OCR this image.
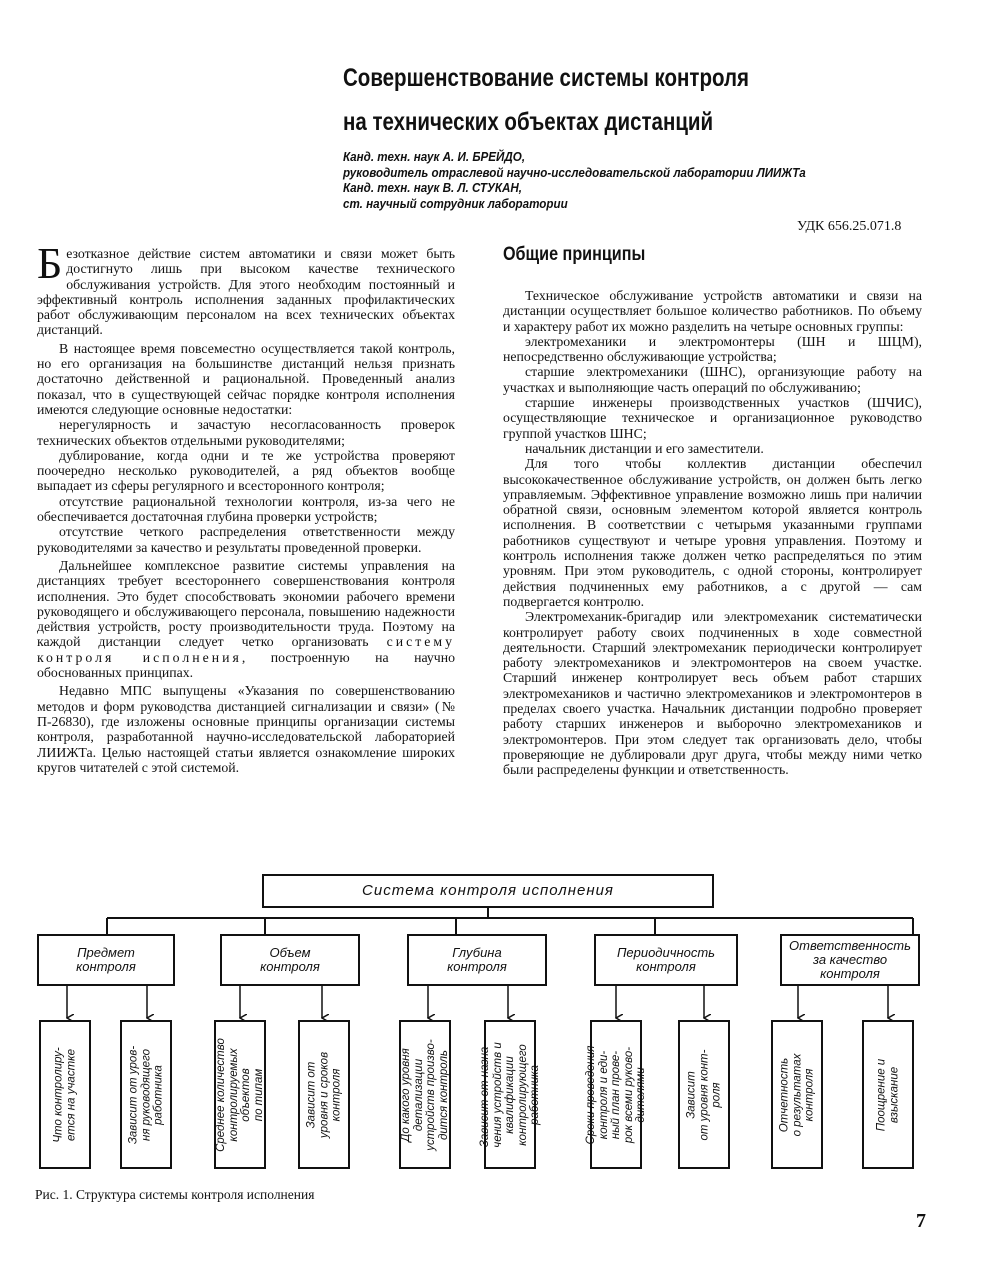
Совершенствование системы контроля
на технических объектах дистанций
Канд. техн. наук А. И. БРЕЙДО,
руководитель отраслевой научно-исследовательской лаборатории ЛИИЖТа
Канд. техн. наук В. Л. СТУКАН,
ст. научный сотрудник лаборатории
УДК 656.25.071.8

Безотказное действие систем автоматики и связи может быть достигнуто лишь при высоком качестве технического обслуживания устройств. Для этого необходим постоянный и эффективный контроль исполнения заданных профилактических работ обслуживающим персоналом на всех технических объектах дистанций.

В настоящее время повсеместно осуществляется такой контроль, но его организация на большинстве дистанций нельзя признать достаточно действенной и рациональной. Проведенный анализ показал, что в существующей сейчас порядке контроля исполнения имеются следующие основные недостатки:

нерегулярность и зачастую несогласованность проверок технических объектов отдельными руководителями;

дублирование, когда одни и те же устройства проверяют поочередно несколько руководителей, а ряд объектов вообще выпадает из сферы регулярного и всесторонного контроля;

отсутствие рациональной технологии контроля, из-за чего не обеспечивается достаточная глубина проверки устройств;

отсутствие четкого распределения ответственности между руководителями за качество и результаты проведенной проверки.

Дальнейшее комплексное развитие системы управления на дистанциях требует всестороннего совершенствования контроля исполнения. Это будет способствовать экономии рабочего времени руководящего и обслуживающего персонала, повышению надежности действия устройств, росту производительности труда. Поэтому на каждой дистанции следует четко организовать систему контроля исполнения, построенную на научно обоснованных принципах.

Недавно МПС выпущены «Указания по совершенствованию методов и форм руководства дистанцией сигнализации и связи» (№ П-26830), где изложены основные принципы организации системы контроля, разработанной научно-исследовательской лабораторией ЛИИЖТа. Целью настоящей статьи является ознакомление широких кругов читателей с этой системой.

Общие принципы

Техническое обслуживание устройств автоматики и связи на дистанции осуществляет большое количество работников. По объему и характеру работ их можно разделить на четыре основных группы:

электромеханики и электромонтеры (ШН и ШЦМ), непосредственно обслуживающие устройства;

старшие электромеханики (ШНС), организующие работу на участках и выполняющие часть операций по обслуживанию;

старшие инженеры производственных участков (ШЧИС), осуществляющие техническое и организационное руководство группой участков ШНС;

начальник дистанции и его заместители.

Для того чтобы коллектив дистанции обеспечил высококачественное обслуживание устройств, он должен быть легко управляемым. Эффективное управление возможно лишь при наличии обратной связи, основным элементом которой является контроль исполнения. В соответствии с четырьмя указанными группами работников существуют и четыре уровня управления. Поэтому и контроль исполнения также должен четко распределяться по этим уровням. При этом руководитель, с одной стороны, контролирует действия подчиненных ему работников, а с другой — сам подвергается контролю.

Электромеханик-бригадир или электромеханик систематически контролирует работу своих подчиненных в ходе совместной деятельности. Старший электромеханик периодически контролирует работу электромехаников и электромонтеров на своем участке. Старший инженер контролирует весь объем работ старших электромехаников и частично электромехаников и электромонтеров в пределах своего участка. Начальник дистанции подробно проверяет работу старших инженеров и выборочно электромехаников и электромонтеров. При этом следует так организовать дело, чтобы проверяющие не дублировали друг друга, чтобы между ними четко были распределены функции и ответственность.

Система контроля исполнения
Предмет
контроля
Объем
контроля
Глубина
контроля
Периодичность
контроля
Ответственность
за качество
контроля
Что контролиру-
ется на участке
Зависит от уров-
ня руководящего
работника
Среднее количество
контролируемых
объектов
по типам	Зависит от
уровня и сроков
контроля
До какого уровня
детализации
устройств произво-
дится контроль
Зависит от назна-
чения устройств и
квалификации
контролирующего
работника
Сроки проведения
контроля и еди-
ный план прове-
рок всеми руково-
дителями	Зависит
от уровня конт-
роля	Отчетность
о результатах
контроля	Поощрение и
взыскание
Рис. 1. Структура системы контроля исполнения
7
